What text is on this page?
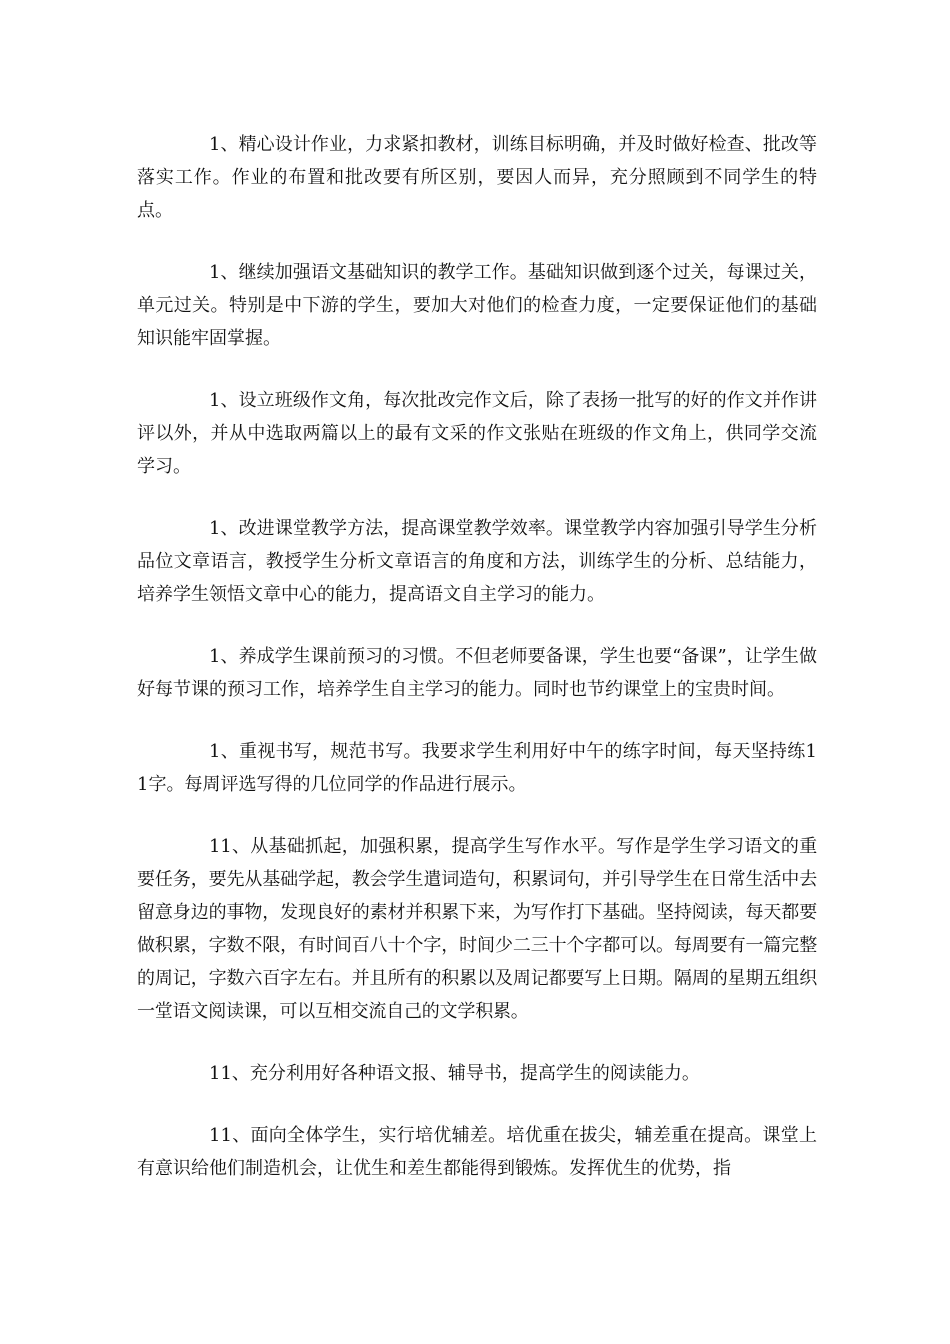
1、精心设计作业，力求紧扣教材，训练目标明确，并及时做好检查、批改等落实工作。作业的布置和批改要有所区别，要因人而异，充分照顾到不同学生的特点。

1、继续加强语文基础知识的教学工作。基础知识做到逐个过关，每课过关，单元过关。特别是中下游的学生，要加大对他们的检查力度，一定要保证他们的基础知识能牢固掌握。

1、设立班级作文角，每次批改完作文后，除了表扬一批写的好的作文并作讲评以外，并从中选取两篇以上的最有文采的作文张贴在班级的作文角上，供同学交流学习。

1、改进课堂教学方法，提高课堂教学效率。课堂教学内容加强引导学生分析品位文章语言，教授学生分析文章语言的角度和方法，训练学生的分析、总结能力，培养学生领悟文章中心的能力，提高语文自主学习的能力。

1、养成学生课前预习的习惯。不但老师要备课，学生也要“备课”，让学生做好每节课的预习工作，培养学生自主学习的能力。同时也节约课堂上的宝贵时间。

1、重视书写，规范书写。我要求学生利用好中午的练字时间，每天坚持练11字。每周评选写得的几位同学的作品进行展示。

11、从基础抓起，加强积累，提高学生写作水平。写作是学生学习语文的重要任务，要先从基础学起，教会学生遣词造句，积累词句，并引导学生在日常生活中去留意身边的事物，发现良好的素材并积累下来，为写作打下基础。坚持阅读，每天都要做积累，字数不限，有时间百八十个字，时间少二三十个字都可以。每周要有一篇完整的周记，字数六百字左右。并且所有的积累以及周记都要写上日期。隔周的星期五组织一堂语文阅读课，可以互相交流自己的文学积累。

11、充分利用好各种语文报、辅导书，提高学生的阅读能力。

11、面向全体学生，实行培优辅差。培优重在拔尖，辅差重在提高。课堂上有意识给他们制造机会，让优生和差生都能得到锻炼。发挥优生的优势，指
